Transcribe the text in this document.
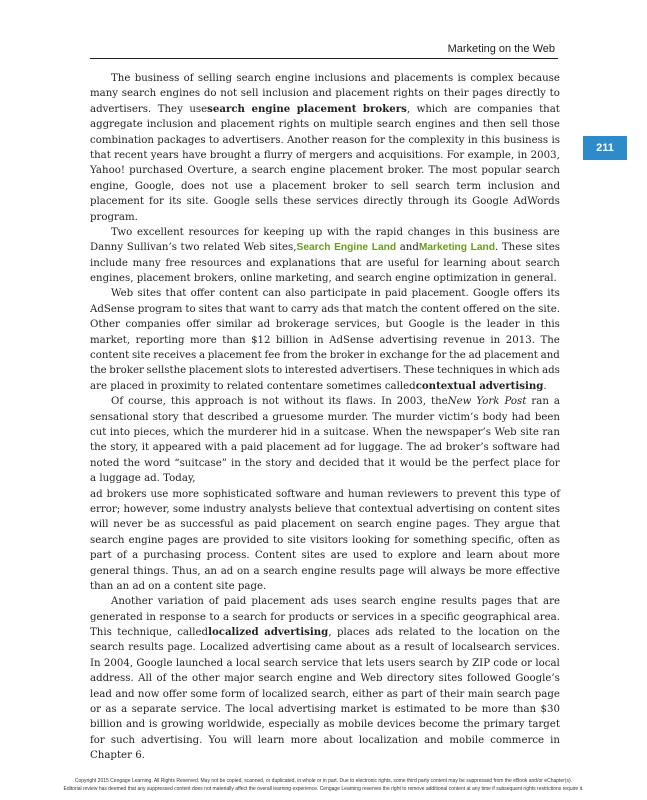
Marketing on the Web
211
The business of selling search engine inclusions and placements is complex because
many search engines do not sell inclusion and placement rights on their pages directly to
advertisers. They usesearch engine placement brokers, which are companies that
aggregate inclusion and placement rights on multiple search engines and then sell those
combination packages to advertisers. Another reason for the complexity in this business is
that recent years have brought a flurry of mergers and acquisitions. For example, in 2003,
Yahoo! purchased Overture, a search engine placement broker. The most popular search
engine, Google, does not use a placement broker to sell search term inclusion and
placement for its site. Google sells these services directly through its Google AdWords
program.
Two excellent resources for keeping up with the rapid changes in this business are
Danny Sullivan’s two related Web sites,Search Engine Land andMarketing Land. These sites
include many free resources and explanations that are useful for learning about search
engines,
placement
brokers,
online
marketing,
and
search
engine
optimization
in
general.
Web sites that offer content can also participate in paid placement. Google offers its
AdSense program to sites that want to carry ads that match the content offered on the site.
Other companies offer similar ad brokerage services, but Google is the leader in this
market, reporting more than $12 billion in AdSense advertising revenue in 2013. The
content site receives a placement fee from the broker in exchange for the ad placement and
the broker sellsthe placement slots to interested advertisers. These techniques in which ads
are
placed
in
proximity
to
related
contentare
sometimes
calledcontextual
advertising.
Of course, this approach is not without its flaws. In 2003, theNew York Post ran a
sensational story that described a gruesome murder. The murder victim’s body had been
cut into pieces, which the murderer hid in a suitcase. When the newspaper’s Web site ran
the story, it appeared with a paid placement ad for luggage. The ad broker’s software had
noted the word “suitcase” in the story and decided that it would be the perfect place for
a
luggage
ad.
Today,
ad brokers use more sophisticated software and human reviewers to prevent this type of
error; however, some industry analysts believe that contextual advertising on content sites
will never be as successful as paid placement on search engine pages. They argue that
search engine pages are provided to site visitors looking for something specific, often as
part of a purchasing process. Content sites are used to explore and learn about more
general things. Thus, an ad on a search engine results page will always be more effective
than
an
ad
on
a
content
site
page.
Another variation of paid placement ads uses search engine results pages that are
generated in response to a search for products or services in a specific geographical area.
This technique, calledlocalized advertising, places ads related to the location on the
search results page. Localized advertising came about as a result of localsearch services.
In 2004, Google launched a local search service that lets users search by ZIP code or local
address. All of the other major search engine and Web directory sites followed Google’s
lead and now offer some form of localized search, either as part of their main search page
or as a separate service. The local advertising market is estimated to be more than $30
billion and is growing worldwide, especially as mobile devices become the primary target
for such advertising. You will learn more about localization and mobile commerce in
Chapter
6.
Copyright 2015 Cengage Learning. All Rights Reserved. May not be copied, scanned, or duplicated, in whole or in part. Due to electronic rights, some third party content may be suppressed from the eBook and/or eChapter(s).
Editorial review has deemed that any suppressed content does not materially affect the overall learning experience. Cengage Learning reserves the right to remove additional content at any time if subsequent rights restrictions require it.
